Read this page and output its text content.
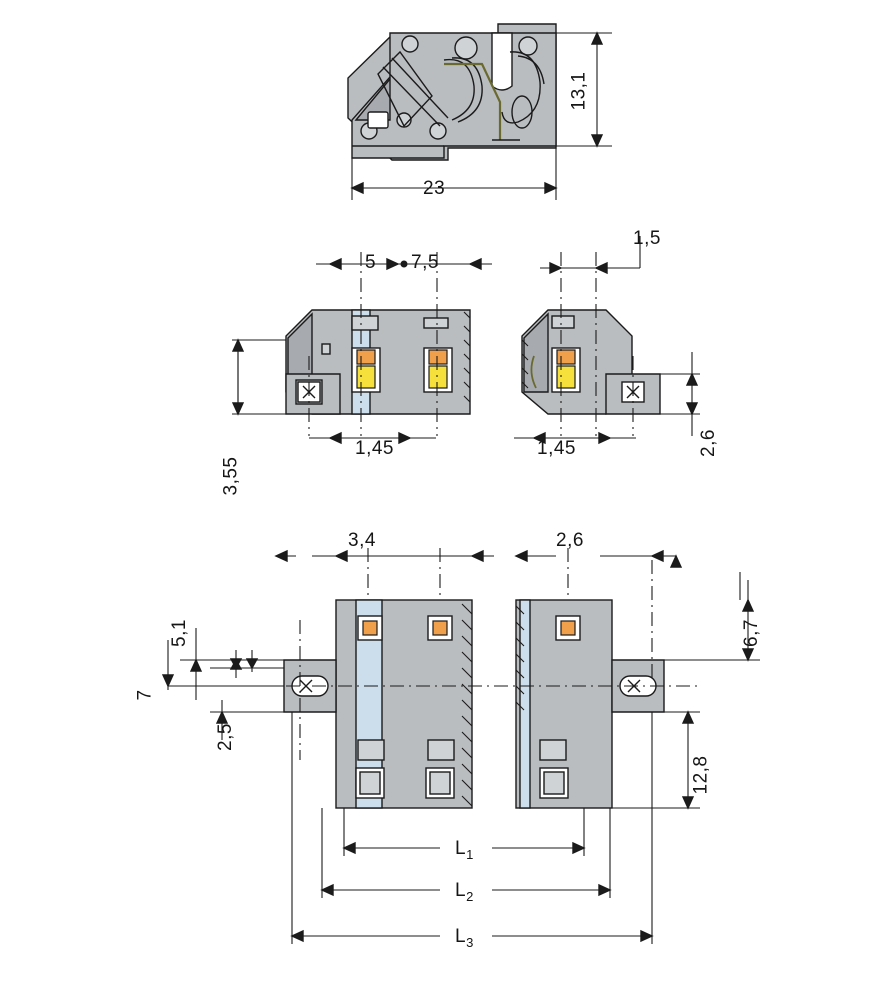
23
13,1
5 7,5
1,5
3,55
1,45	1,45	2,6
3,4	2,6
5,1
7
2,5
6,7
12,8
$L_1$
$L_2$
$L_3$
